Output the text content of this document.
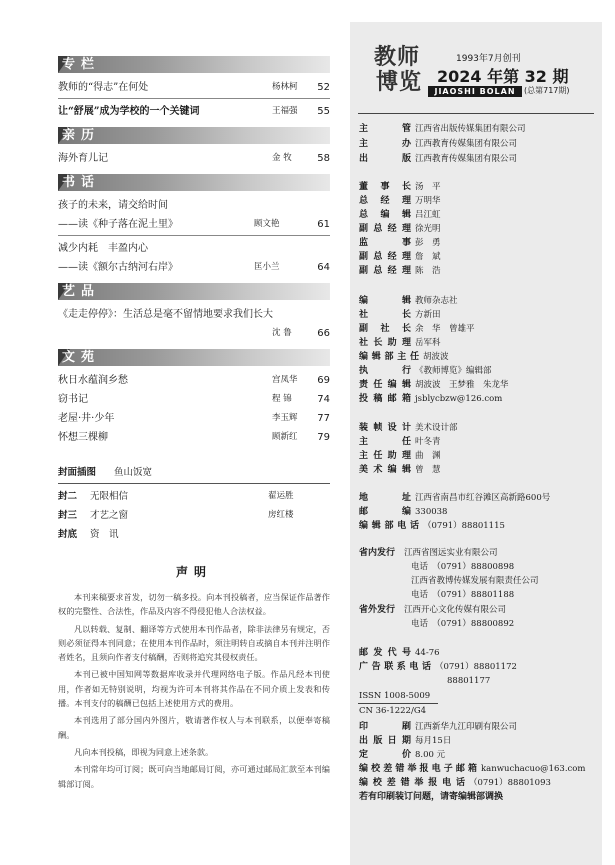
专栏
教师的“得志”在何处	杨林柯 52
让“舒展”成为学校的一个关键词	王福强 55
亲历
海外育儿记	金 牧	58
书话
孩子的未来，请交给时间
——读《种子落在泥土里》	顾文艳	61
减少内耗　丰盈内心
——读《额尔古纳河右岸》	匡小兰	64
艺品
《走走停停》：生活总是毫不留情地要求我们长大
沈 鲁	66
文苑
秋日水蕴润乡愁	宫凤华 69
窃书记	程 锦	74
老屋·井·少年	李玉辉 77
怀想三棵柳	顾新红 79
封面插图 鱼山饭宽
封二 无限相信	翟运胜
封三 才艺之窗	房红楼
封底 资　讯
声明

本刊来稿要求首发，切勿一稿多投。向本刊投稿者，应当保证作品著作权的完整性、合法性，作品及内容不得侵犯他人合法权益。

凡以转载、复制、翻译等方式使用本刊作品者，除非法律另有规定，否则必须征得本刊同意；在使用本刊作品时，须注明转自或摘自本刊并注明作者姓名，且须向作者支付稿酬，否则将追究其侵权责任。

本刊已被中国知网等数据库收录并代理网络电子版。作品凡经本刊使用，作者如无特别说明，均视为许可本刊将其作品在不同介质上发表和传播。本刊支付的稿酬已包括上述使用方式的费用。

本刊选用了部分国内外图片，敬请著作权人与本刊联系，以便奉寄稿酬。

凡向本刊投稿，即视为同意上述条款。

本刊常年均可订阅；既可向当地邮局订阅，亦可通过邮局汇款至本刊编辑部订阅。

教师
博览
1993年7月创刊
2024 年第 32 期
JIAOSHI BOLAN	(总第717期)
主　管 江西省出版传媒集团有限公司
主　办 江西教育传媒集团有限公司
出　版 江西教育传媒集团有限公司
董事长 汤　平
总经理 万明华
总编辑 吕江虹
副总经理 徐光明
监　事 彭　勇
副总经理 詹　斌
副总经理 陈　浩
编　辑 教师杂志社
社　长 方新田
副社长 余　华　曾雄平
社长助理 岳军科
编辑部主任 胡波波
执　行 《教师博览》编辑部
责任编辑 胡波波　王梦雅　朱龙华
投稿邮箱 jsblycbzw@126.com
装帧设计 美术设计部
主　任 叶冬青
主任助理 曲　渊
美术编辑 曾　慧
地　址 江西省南昌市红谷滩区高新路600号
邮　编 330038
编辑部电话 （0791）88801115
省内发行　 江西省图远实业有限公司
电话　（0791）88800898
江西省教博传媒发展有限责任公司
电话　（0791）88801188
省外发行　 江西开心文化传媒有限公司
电话　（0791）88800892
邮发代号 44-76
广告联系电话 （0791）88801172
88801177
ISSN 1008-5009
CN 36-1222/G4
印　刷 江西新华九江印刷有限公司
出版日期 每月15日
定　价 8.00 元
编校差错举报电子邮箱 kanwuchacuo@163.com
编校差错举报电话 （0791）88801093
若有印刷装订问题，请寄编辑部调换
